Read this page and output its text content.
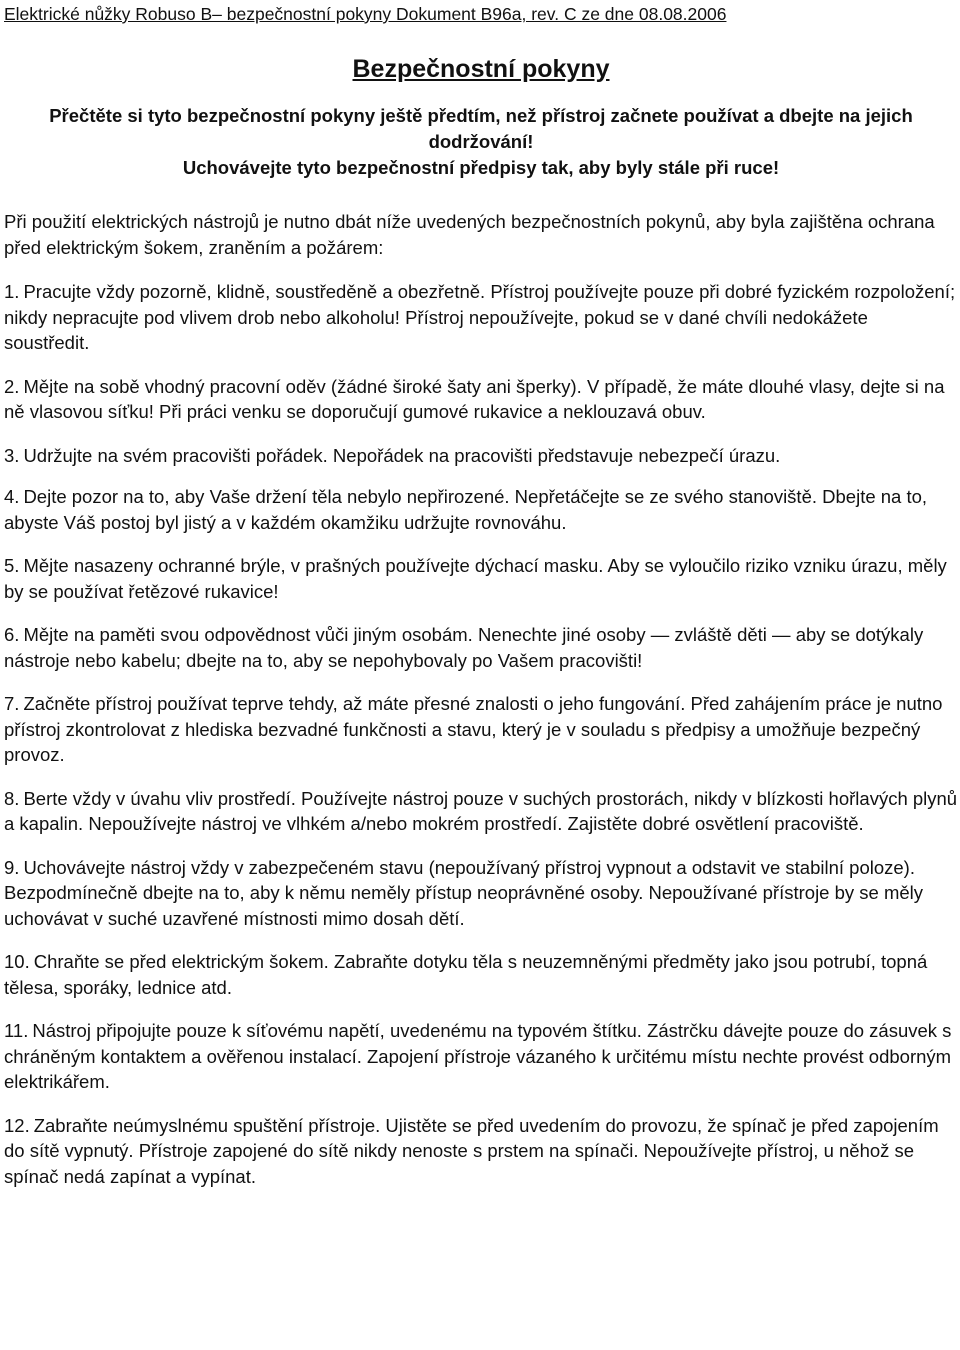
Elektrické nůžky Robuso B– bezpečnostní pokyny Dokument B96a, rev. C ze dne 08.08.2006
Bezpečnostní pokyny
Přečtěte si tyto bezpečnostní pokyny ještě předtím, než přístroj začnete používat a dbejte na jejich dodržování!
Uchovávejte tyto bezpečnostní předpisy tak, aby byly stále při ruce!
Při použití elektrických nástrojů je nutno dbát níže uvedených bezpečnostních pokynů, aby byla zajištěna ochrana před elektrickým šokem, zraněním a požárem:
1. Pracujte vždy pozorně, klidně, soustředěně a obezřetně. Přístroj používejte pouze při dobré fyzickém rozpoložení; nikdy nepracujte pod vlivem drob nebo alkoholu! Přístroj nepoužívejte, pokud se v dané chvíli nedokážete soustředit.
2. Mějte na sobě vhodný pracovní oděv (žádné široké šaty ani šperky). V případě, že máte dlouhé vlasy, dejte si na ně vlasovou síťku! Při práci venku se doporučují gumové rukavice a neklouzavá obuv.
3. Udržujte na svém pracovišti pořádek. Nepořádek na pracovišti představuje nebezpečí úrazu.
4. Dejte pozor na to, aby Vaše držení těla nebylo nepřirozené. Nepřetáčejte se ze svého stanoviště. Dbejte na to, abyste Váš postoj byl jistý a v každém okamžiku udržujte rovnováhu.
5. Mějte nasazeny ochranné brýle, v prašných používejte dýchací masku. Aby se vyloučilo riziko vzniku úrazu, měly by se používat řetězové rukavice!
6. Mějte na paměti svou odpovědnost vůči jiným osobám. Nenechte jiné osoby — zvláště děti — aby se dotýkaly nástroje nebo kabelu; dbejte na to, aby se nepohybovaly po Vašem pracovišti!
7. Začněte přístroj používat teprve tehdy, až máte přesné znalosti o jeho fungování. Před zahájením práce je nutno přístroj zkontrolovat z hlediska bezvadné funkčnosti a stavu, který je v souladu s předpisy a umožňuje bezpečný provoz.
8. Berte vždy v úvahu vliv prostředí. Používejte nástroj pouze v suchých prostorách, nikdy v blízkosti hořlavých plynů a kapalin. Nepoužívejte nástroj ve vlhkém a/nebo mokrém prostředí. Zajistěte dobré osvětlení pracoviště.
9. Uchovávejte nástroj vždy v zabezpečeném stavu (nepoužívaný přístroj vypnout a odstavit ve stabilní poloze). Bezpodmínečně dbejte na to, aby k němu neměly přístup neoprávněné osoby. Nepoužívané přístroje by se měly uchovávat v suché uzavřené místnosti mimo dosah dětí.
10. Chraňte se před elektrickým šokem. Zabraňte dotyku těla s neuzemněnými předměty jako jsou potrubí, topná tělesa, sporáky, lednice atd.
11. Nástroj připojujte pouze k síťovému napětí, uvedenému na typovém štítku. Zástrčku dávejte pouze do zásuvek s chráněným kontaktem a ověřenou instalací. Zapojení přístroje vázaného k určitému místu nechte provést odborným elektrikářem.
12. Zabraňte neúmyslnému spuštění přístroje. Ujistěte se před uvedením do provozu, že spínač je před zapojením do sítě vypnutý. Přístroje zapojené do sítě nikdy nenoste s prstem na spínači. Nepoužívejte přístroj, u něhož se spínač nedá zapínat a vypínat.
